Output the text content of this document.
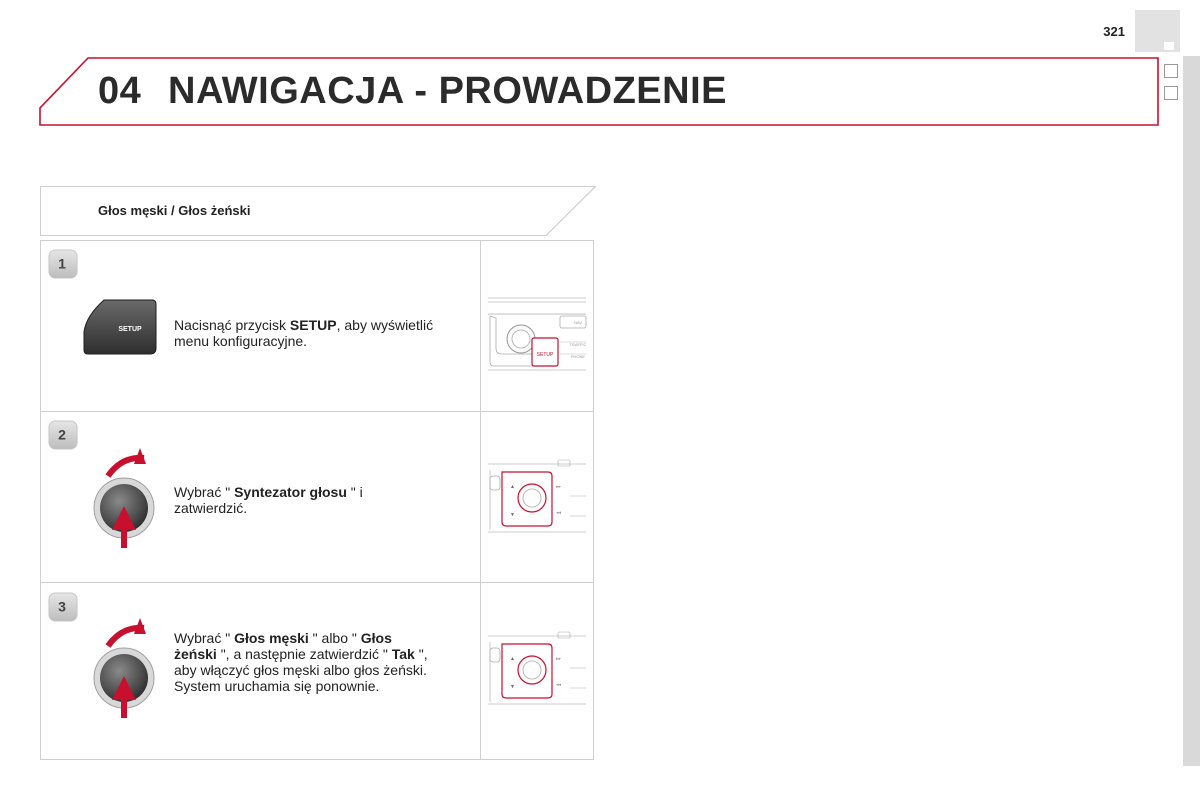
321
04 NAWIGACJA - PROWADZENIE
Głos męski / Głos żeński
1
SETUP Nacisnąć przycisk SETUP, aby wyświetlić menu konfiguracyjne.
SETUP
NAV
TRAFFIC
PHONE
2
Wybrać " Syntezator głosu " i zatwierdzić.
▲
▼
▸▸
◂◂
3
Wybrać " Głos męski " albo " Głos żeński ", a następnie zatwierdzić " Tak ", aby włączyć głos męski albo głos żeński. System uruchamia się ponownie.
▲
▼
▸▸
◂◂
